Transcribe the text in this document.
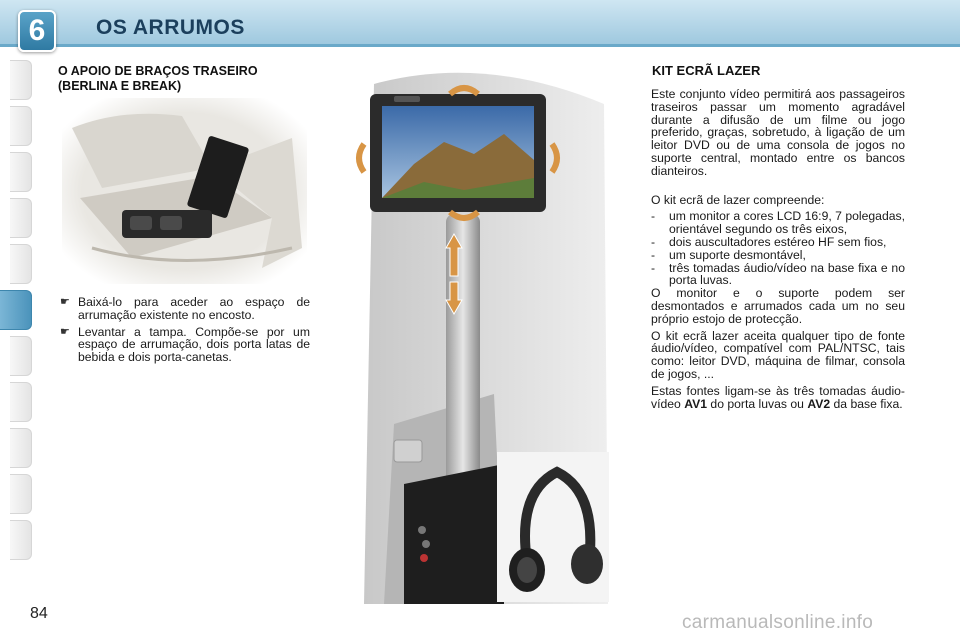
6	OS ARRUMOS
O APOIO DE BRAÇOS TRASEIRO (BERLINA E BREAK)
☛ Baixá-lo para aceder ao espaço de arrumação existente no encosto.
☛ Levantar a tampa. Compõe-se por um espaço de arrumação, dois porta latas de bebida e dois porta-canetas.
KIT ECRÃ LAZER

Este conjunto vídeo permitirá aos passageiros traseiros passar um momento agradável durante a difusão de um filme ou jogo preferido, graças, sobretudo, à ligação de um leitor DVD ou de uma consola de jogos no suporte central, montado entre os bancos dianteiros.

O kit ecrã de lazer compreende:

- um monitor a cores LCD 16:9, 7 polegadas, orientável segundo os três eixos,
- dois auscultadores estéreo HF sem fios,
- um suporte desmontável,
- três tomadas áudio/vídeo na base fixa e no porta luvas.

O monitor e o suporte podem ser desmontados e arrumados cada um no seu próprio estojo de protecção.

O kit ecrã lazer aceita qualquer tipo de fonte áudio/vídeo, compatível com PAL/NTSC, tais como: leitor DVD, máquina de filmar, consola de jogos, ...

Estas fontes ligam-se às três tomadas áudio-vídeo AV1 do porta luvas ou AV2 da base fixa.

84	carmanualsonline.info
